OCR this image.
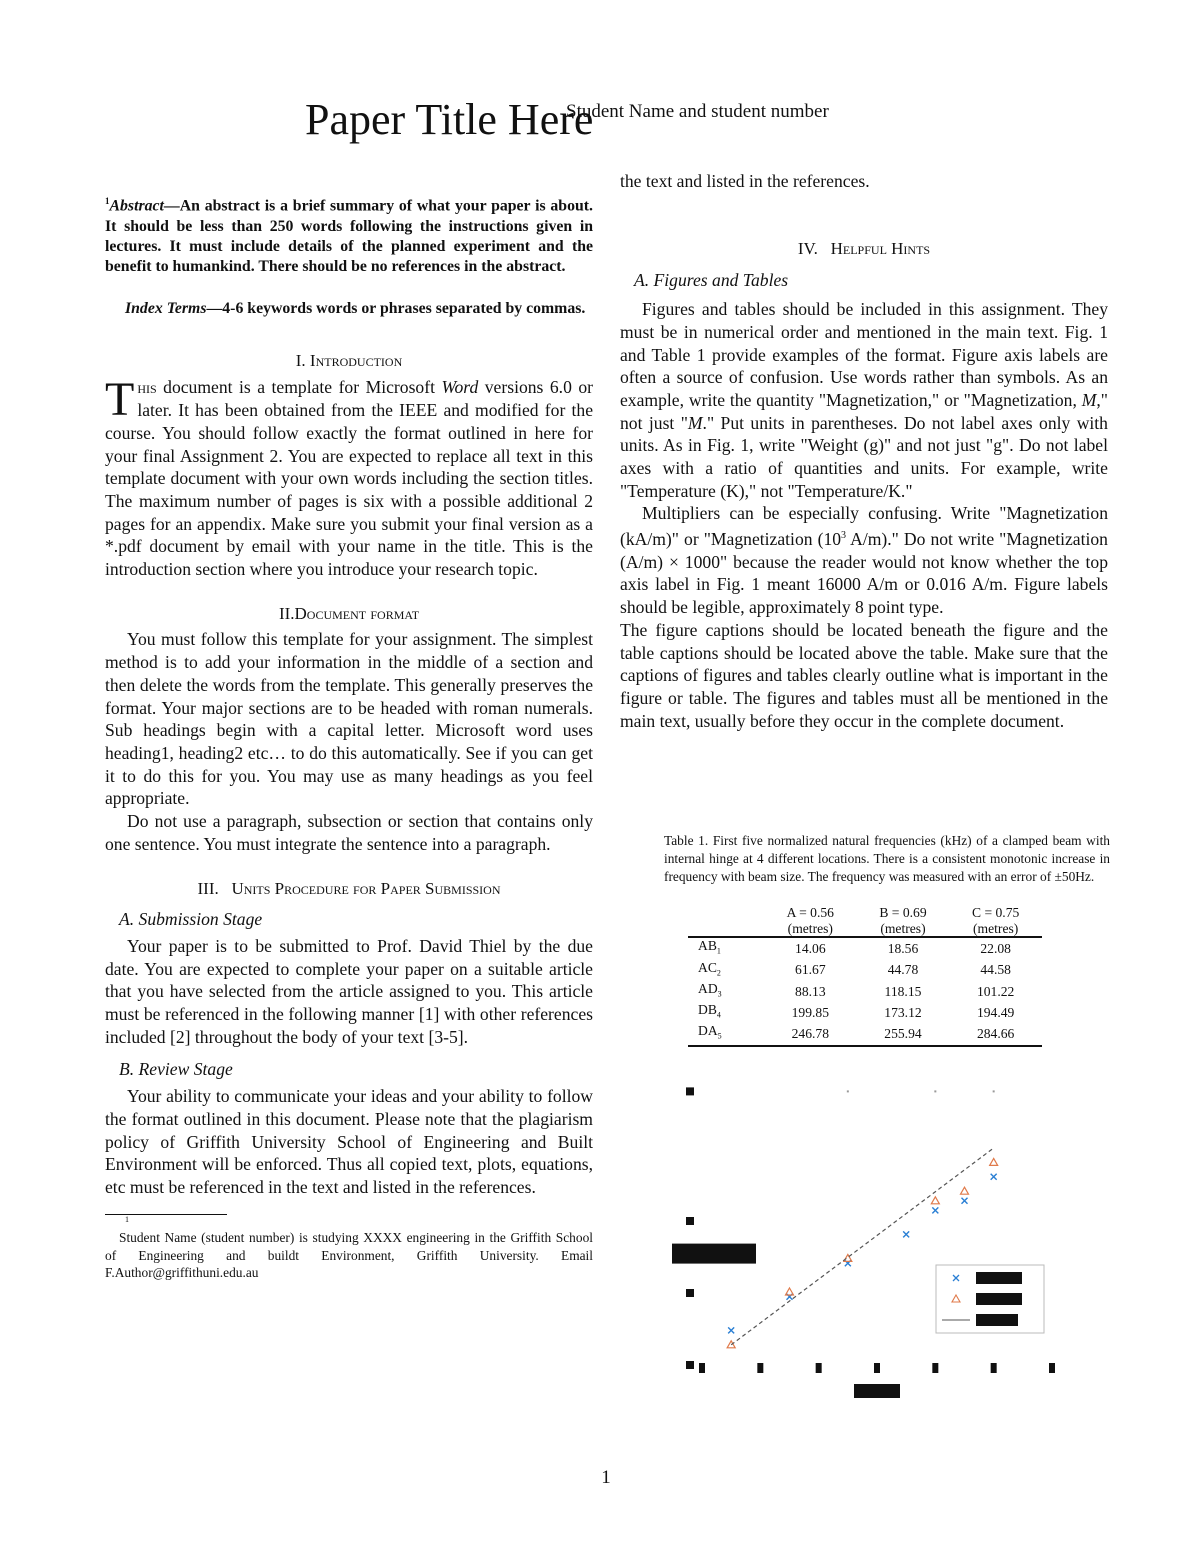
Paper Title Here
Student Name and student number
$^1$Abstract—An abstract is a brief summary of what your paper is about. It should be less than 250 words following the instructions given in lectures. It must include details of the planned experiment and the benefit to humankind. There should be no references in the abstract.
Index Terms—4-6 keywords words or phrases separated by commas.
I. Introduction

This document is a template for Microsoft Word versions 6.0 or later. It has been obtained from the IEEE and modified for the course. You should follow exactly the format outlined in here for your final Assignment 2. You are expected to replace all text in this template document with your own words including the section titles. The maximum number of pages is six with a possible additional 2 pages for an appendix. Make sure you submit your final version as a *.pdf document by email with your name in the title. This is the introduction section where you introduce your research topic.

II.Document format

You must follow this template for your assignment. The simplest method is to add your information in the middle of a section and then delete the words from the template. This generally preserves the format. Your major sections are to be headed with roman numerals. Sub headings begin with a capital letter. Microsoft word uses heading1, heading2 etc… to do this automatically. See if you can get it to do this for you. You may use as many headings as you feel appropriate.

Do not use a paragraph, subsection or section that contains only one sentence. You must integrate the sentence into a paragraph.

III. Units Procedure for Paper Submission
A. Submission Stage

Your paper is to be submitted to Prof. David Thiel by the due date. You are expected to complete your paper on a suitable article that you have selected from the article assigned to you. This article must be referenced in the following manner [1] with other references included [2] throughout the body of your text [3-5].

B. Review Stage

Your ability to communicate your ideas and your ability to follow the format outlined in this document. Please note that the plagiarism policy of Griffith University School of Engineering and Built Environment will be enforced. Thus all copied text, plots, equations, etc must be referenced in the text and listed in the references.

1

Student Name (student number) is studying XXXX engineering in the Griffith School of Engineering and buildt Environment, Griffith University. Email F.Author@griffithuni.edu.au

the text and listed in the references.

IV. Helpful Hints
A. Figures and Tables

Figures and tables should be included in this assignment. They must be in numerical order and mentioned in the main text. Fig. 1 and Table 1 provide examples of the format. Figure axis labels are often a source of confusion. Use words rather than symbols. As an example, write the quantity "Magnetization," or "Magnetization, M," not just "M." Put units in parentheses. Do not label axes only with units. As in Fig. 1, write "Weight (g)" and not just "g". Do not label axes with a ratio of quantities and units. For example, write "Temperature (K)," not "Temperature/K."

Multipliers can be especially confusing. Write "Magnetization (kA/m)" or "Magnetization ($10^3$ A/m)." Do not write "Magnetization (A/m) × 1000" because the reader would not know whether the top axis label in Fig. 1 meant 16000 A/m or 0.016 A/m. Figure labels should be legible, approximately 8 point type.

The figure captions should be located beneath the figure and the table captions should be located above the table. Make sure that the captions of figures and tables clearly outline what is important in the figure or table. The figures and tables must all be mentioned in the main text, usually before they occur in the complete document.

Table 1. First five normalized natural frequencies (kHz) of a clamped beam with internal hinge at 4 different locations. There is a consistent monotonic increase in frequency with beam size. The frequency was measured with an error of ±50Hz.
	A = 0.56	B = 0.69	C = 0.75
	(metres)	(metres)	(metres)
$AB_1$	14.06	18.56	22.08
$AC_2$	61.67	44.78	44.58
$AD_3$	88.13	118.15	101.22
$DB_4$	199.85	173.12	194.49
$DA_5$	246.78	255.94	284.66
1
